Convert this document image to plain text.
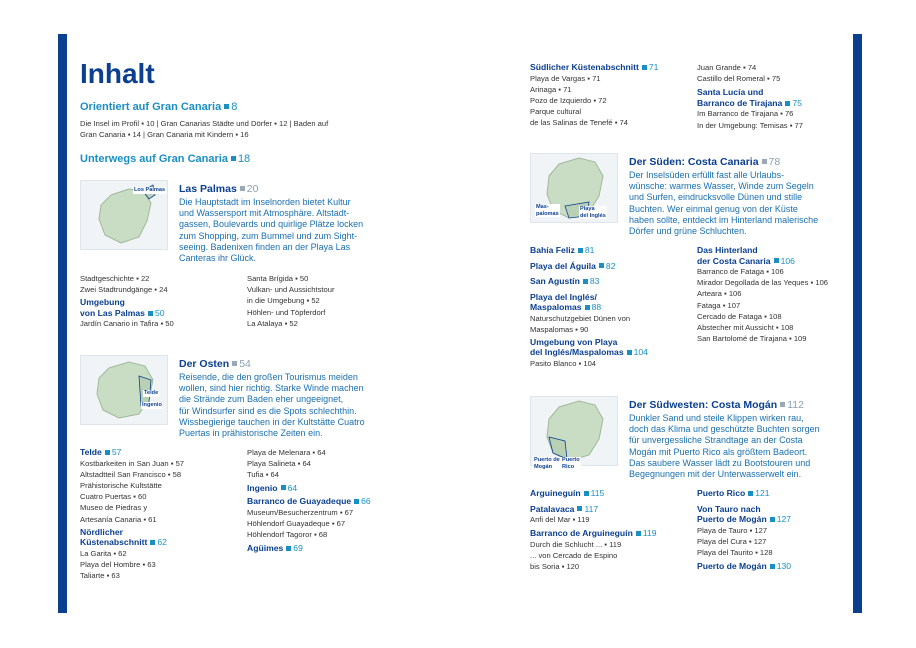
Inhalt
Orientiert auf Gran Canaria 8
Die Insel im Profil ▪ 10 | Gran Canarias Städte und Dörfer ▪ 12 | Baden auf
Gran Canaria ▪ 14 | Gran Canaria mit Kindern ▪ 16
Unterwegs auf Gran Canaria 18
Los Palmas Las Palmas 20
Die Hauptstadt im Inselnorden bietet Kultur
und Wassersport mit Atmosphäre. Altstadt-
gassen, Boulevards und quirlige Plätze locken
zum Shopping, zum Bummel und zum Sight-
seeing. Badenixen finden an der Playa Las
Canteras ihr Glück.
Stadtgeschichte ▪ 22
Zwei Stadtrundgänge ▪ 24
Umgebung
von Las Palmas 50
Jardín Canario in Tafira ▪ 50
Santa Brígida ▪ 50
Vulkan- und Aussichtstour
in die Umgebung ▪ 52
Höhlen- und Töpferdorf
La Atalaya ▪ 52
Telde
Ingenio
Der Osten 54
Reisende, die den großen Tourismus meiden
wollen, sind hier richtig. Starke Winde machen
die Strände zum Baden eher ungeeignet,
für Windsurfer sind es die Spots schlechthin.
Wissbegierige tauchen in der Kultstätte Cuatro
Puertas in prähistorische Zeiten ein.
Telde 57
Kostbarkeiten in San Juan ▪ 57
Altstadtteil San Francisco ▪ 58
Prähistorische Kultstätte
Cuatro Puertas ▪ 60
Museo de Piedras y
Artesanía Canaria ▪ 61
Nördlicher
Küstenabschnitt 62
La Garita ▪ 62
Playa del Hombre ▪ 63
Taliarte ▪ 63
Playa de Melenara ▪ 64
Playa Salineta ▪ 64
Tufia ▪ 64
Ingenio 64
Barranco de Guayadeque 66
Museum/Besucherzentrum ▪ 67
Höhlendorf Guayadeque ▪ 67
Höhlendorf Tagoror ▪ 68
Agüimes 69
Südlicher Küstenabschnitt 71
Playa de Vargas ▪ 71
Arinaga ▪ 71
Pozo de Izquierdo ▪ 72
Parque cultural
de las Salinas de Tenefé ▪ 74
Juan Grande ▪ 74
Castillo del Romeral ▪ 75
Santa Lucía und
Barranco de Tirajana 75
Im Barranco de Tirajana ▪ 76
In der Umgebung: Temisas ▪ 77
Mas-
palomas
Playa
del Inglés
Der Süden: Costa Canaria 78
Der Inselsüden erfüllt fast alle Urlaubs-
wünsche: warmes Wasser, Winde zum Segeln
und Surfen, eindrucksvolle Dünen und stille
Buchten. Wer einmal genug von der Küste
haben sollte, entdeckt im Hinterland malerische
Dörfer und grüne Schluchten.
Bahía Feliz 81
Playa del Águila 82
San Agustín 83
Playa del Inglés/
Maspalomas 88
Naturschutzgebiet Dünen von
Maspalomas ▪ 90
Umgebung von Playa
del Inglés/Maspalomas 104
Pasito Blanco ▪ 104
Das Hinterland
der Costa Canaria 106
Barranco de Fataga ▪ 106
Mirador Degollada de las Yeques ▪ 106
Arteara ▪ 106
Fataga ▪ 107
Cercado de Fataga ▪ 108
Abstecher mit Aussicht ▪ 108
San Bartolomé de Tirajana ▪ 109
Puerto de
Mogán
Puerto
Rico
Der Südwesten: Costa Mogán 112
Dunkler Sand und steile Klippen wirken rau,
doch das Klima und geschützte Buchten sorgen
für unvergessliche Strandtage an der Costa
Mogán mit Puerto Rico als größtem Badeort.
Das saubere Wasser lädt zu Bootstouren und
Begegnungen mit der Unterwasserwelt ein.
Arguineguín 115
Patalavaca 117
Anfi del Mar ▪ 119
Barranco de Arguineguín 119
Durch die Schlucht ... ▪ 119
... von Cercado de Espino
bis Soria ▪ 120
Puerto Rico 121
Von Tauro nach
Puerto de Mogán 127
Playa de Tauro ▪ 127
Playa del Cura ▪ 127
Playa del Taurito ▪ 128
Puerto de Mogán 130
